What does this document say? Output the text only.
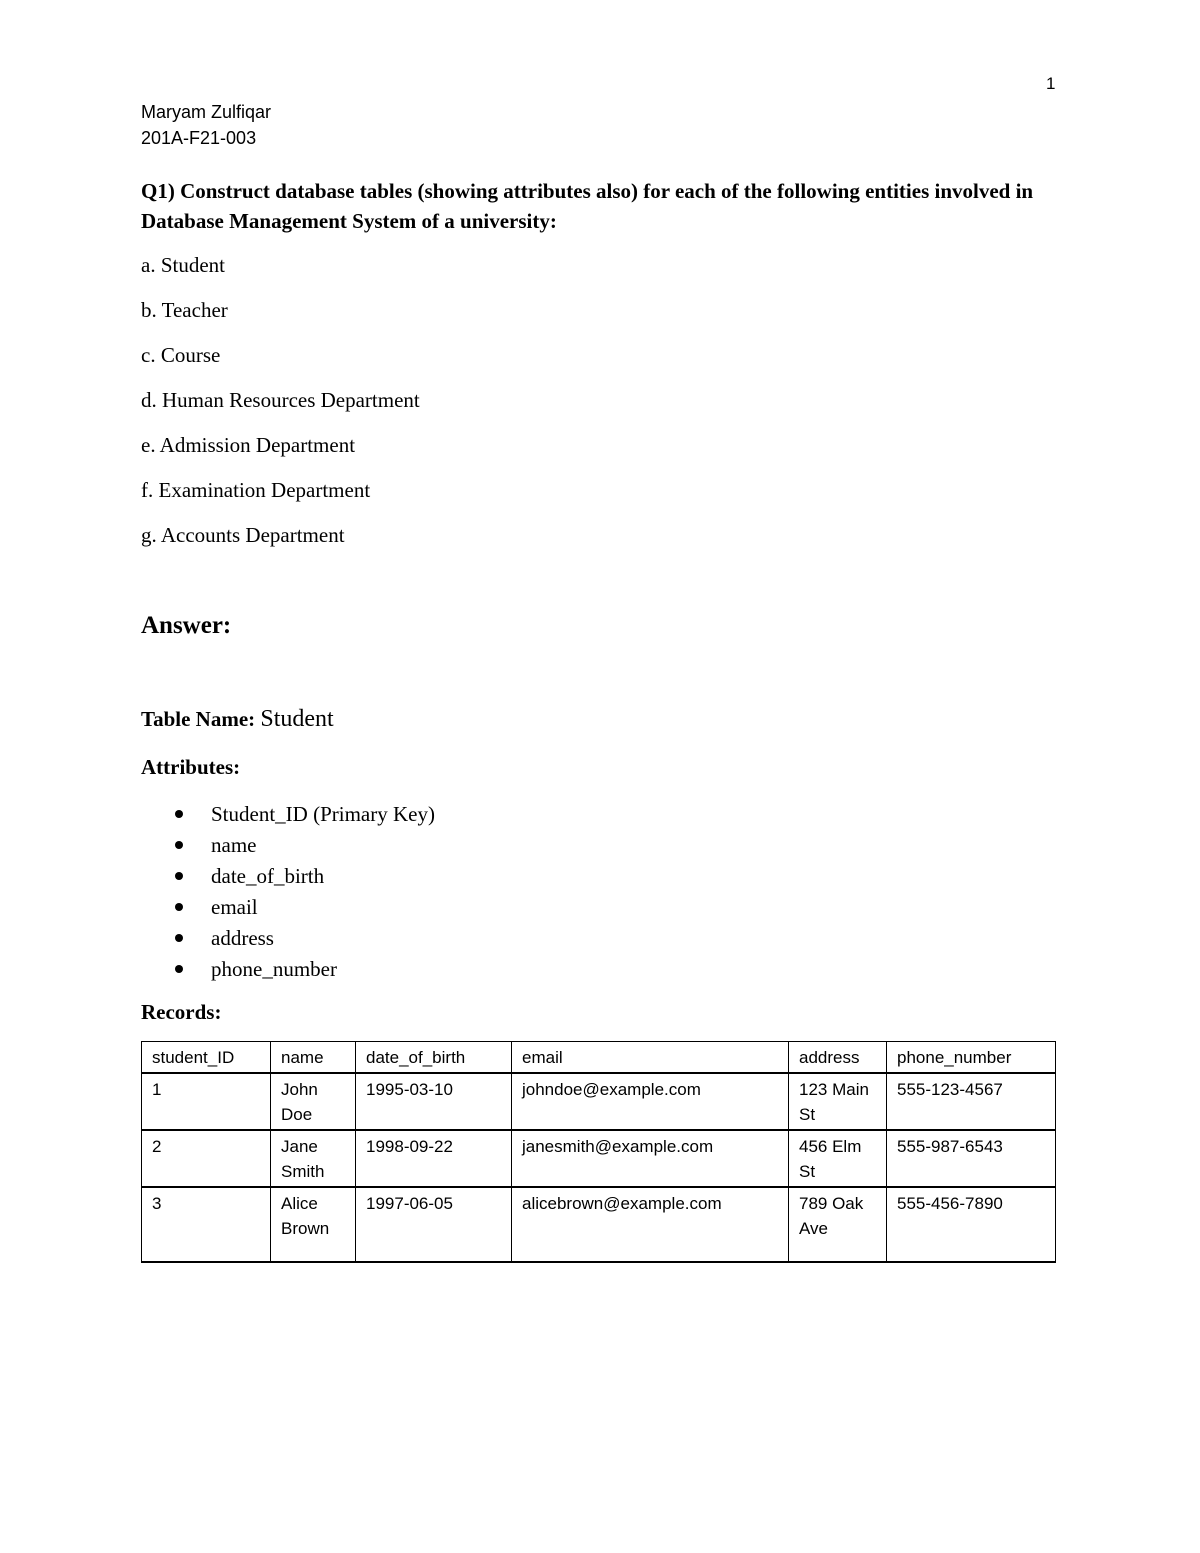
1
Maryam Zulfiqar
201A-F21-003

Q1) Construct database tables (showing attributes also) for each of the following entities involved in Database Management System of a university:

a. Student
b. Teacher
c. Course
d. Human Resources Department
e. Admission Department
f. Examination Department
g. Accounts Department
Answer:

Table Name: Student

Attributes:

Student_ID (Primary Key)
name
date_of_birth
email
address
phone_number

Records:

student_ID	name	date_of_birth	email	address	phone_number
1	John Doe	1995-03-10	johndoe@example.com	123 Main St	555-123-4567
2	Jane Smith	1998-09-22	janesmith@example.com	456 Elm St	555-987-6543
3	Alice Brown	1997-06-05	alicebrown@example.com	789 Oak Ave	555-456-7890
